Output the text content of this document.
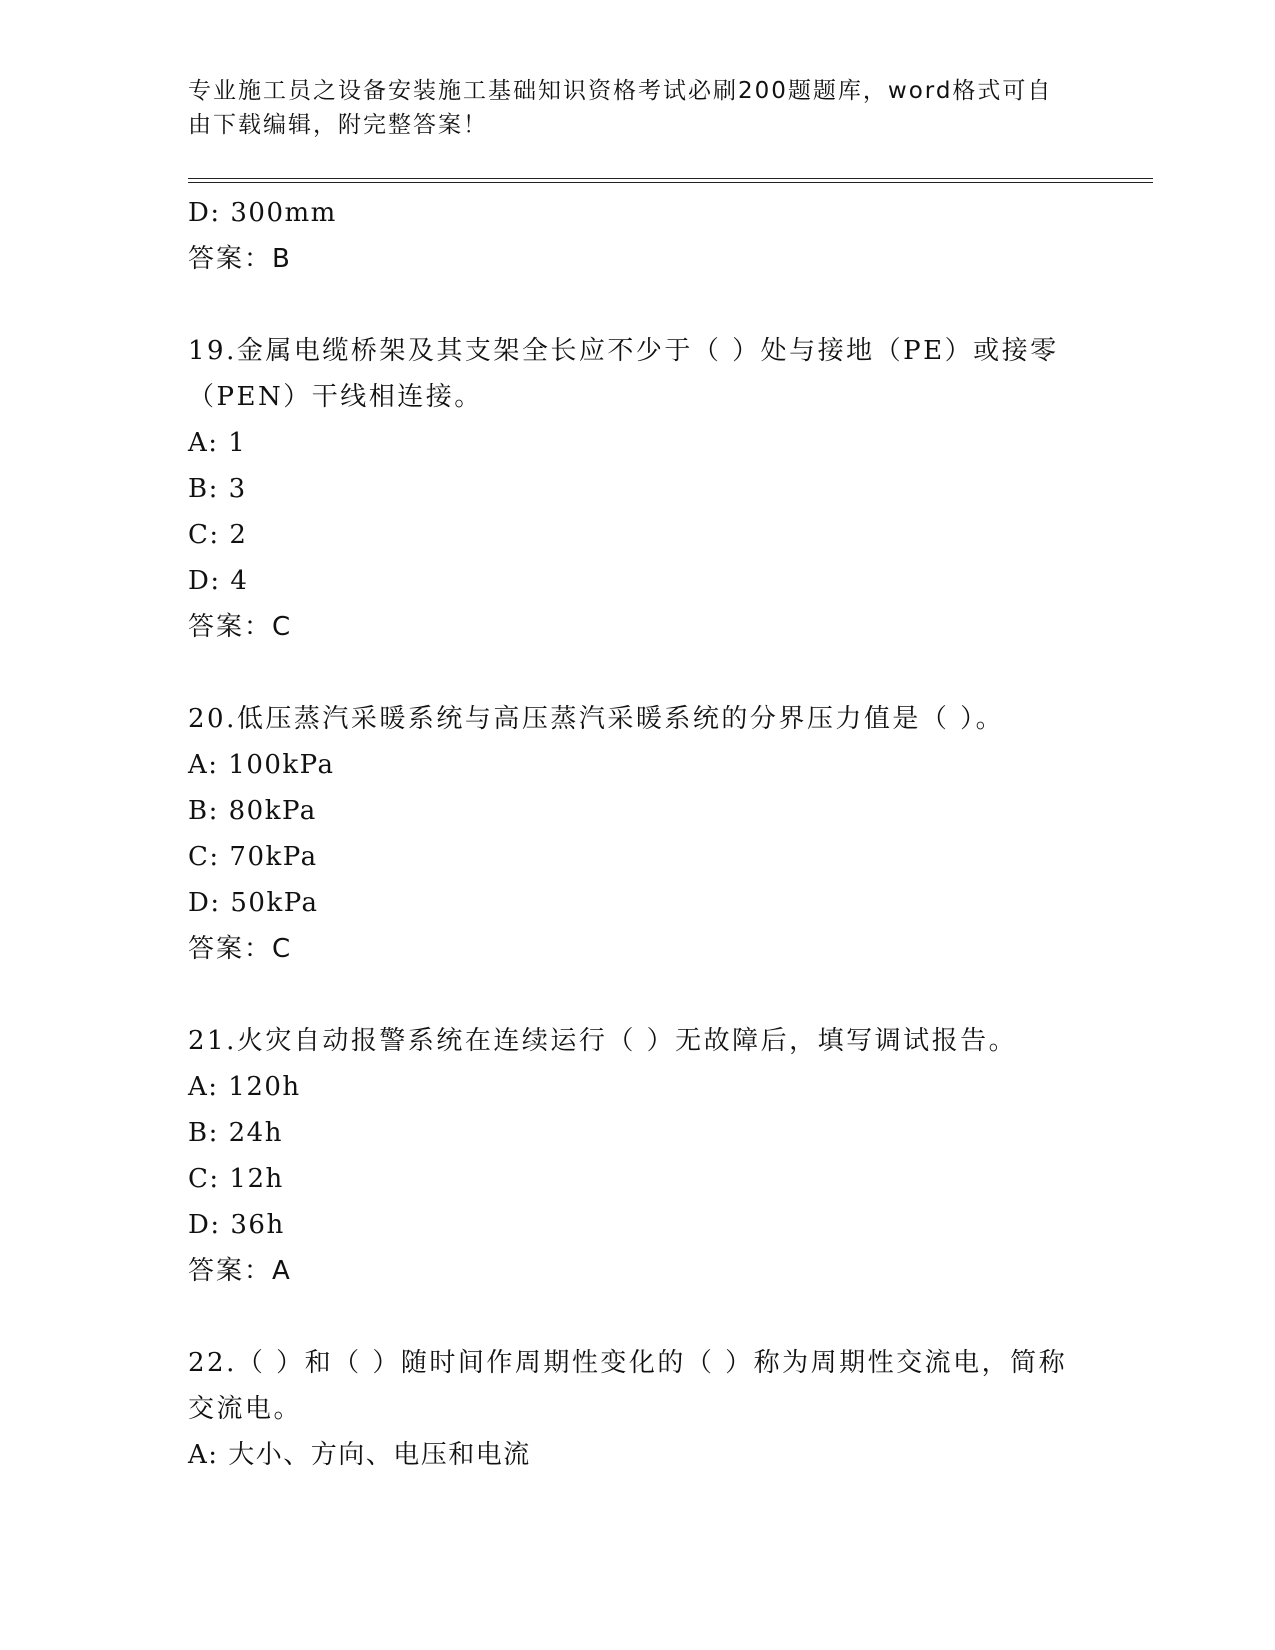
专业施工员之设备安装施工基础知识资格考试必刷200题题库，word格式可自由下载编辑，附完整答案！
D: 300mm
答案：B
19.金属电缆桥架及其支架全长应不少于（ ）处与接地（PE）或接零（PEN）干线相连接。
A: 1
B: 3
C: 2
D: 4
答案：C
20.低压蒸汽采暖系统与高压蒸汽采暖系统的分界压力值是（ ）。
A: 100kPa
B: 80kPa
C: 70kPa
D: 50kPa
答案：C
21.火灾自动报警系统在连续运行（ ）无故障后，填写调试报告。
A: 120h
B: 24h
C: 12h
D: 36h
答案：A
22.（ ）和（ ）随时间作周期性变化的（ ）称为周期性交流电，简称交流电。
A: 大小、方向、电压和电流
